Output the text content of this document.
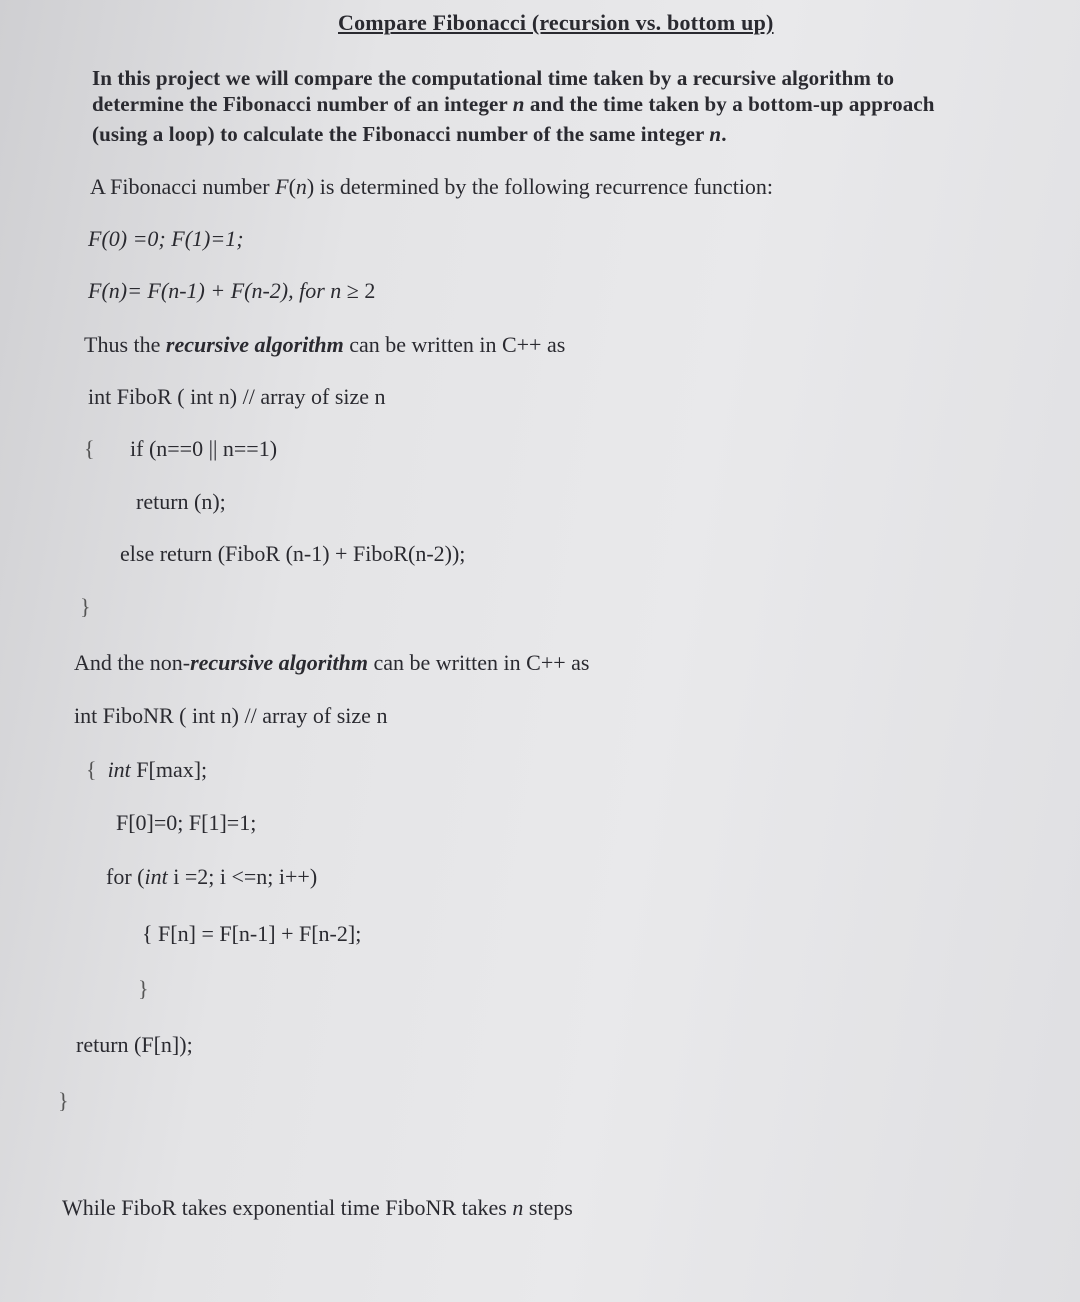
Compare Fibonacci (recursion vs. bottom up)
In this project we will compare the computational time taken by a recursive algorithm to
determine the Fibonacci number of an integer n and the time taken by a bottom-up approach
(using a loop) to calculate the Fibonacci number of the same integer n.
A Fibonacci number F(n) is determined by the following recurrence function:
F(0) =0; F(1)=1;
F(n)= F(n-1) + F(n-2), for n ≥ 2
Thus the recursive algorithm can be written in C++ as
int FiboR ( int n) // array of size n
{ if (n==0 || n==1)
return (n);
else return (FiboR (n-1) + FiboR(n-2));
}
And the non-recursive algorithm can be written in C++ as
int FiboNR ( int n) // array of size n
{ int F[max];
F[0]=0; F[1]=1;
for (int i =2; i <=n; i++)
{ F[n] = F[n-1] + F[n-2];
}
return (F[n]);
}
While FiboR takes exponential time FiboNR takes n steps
